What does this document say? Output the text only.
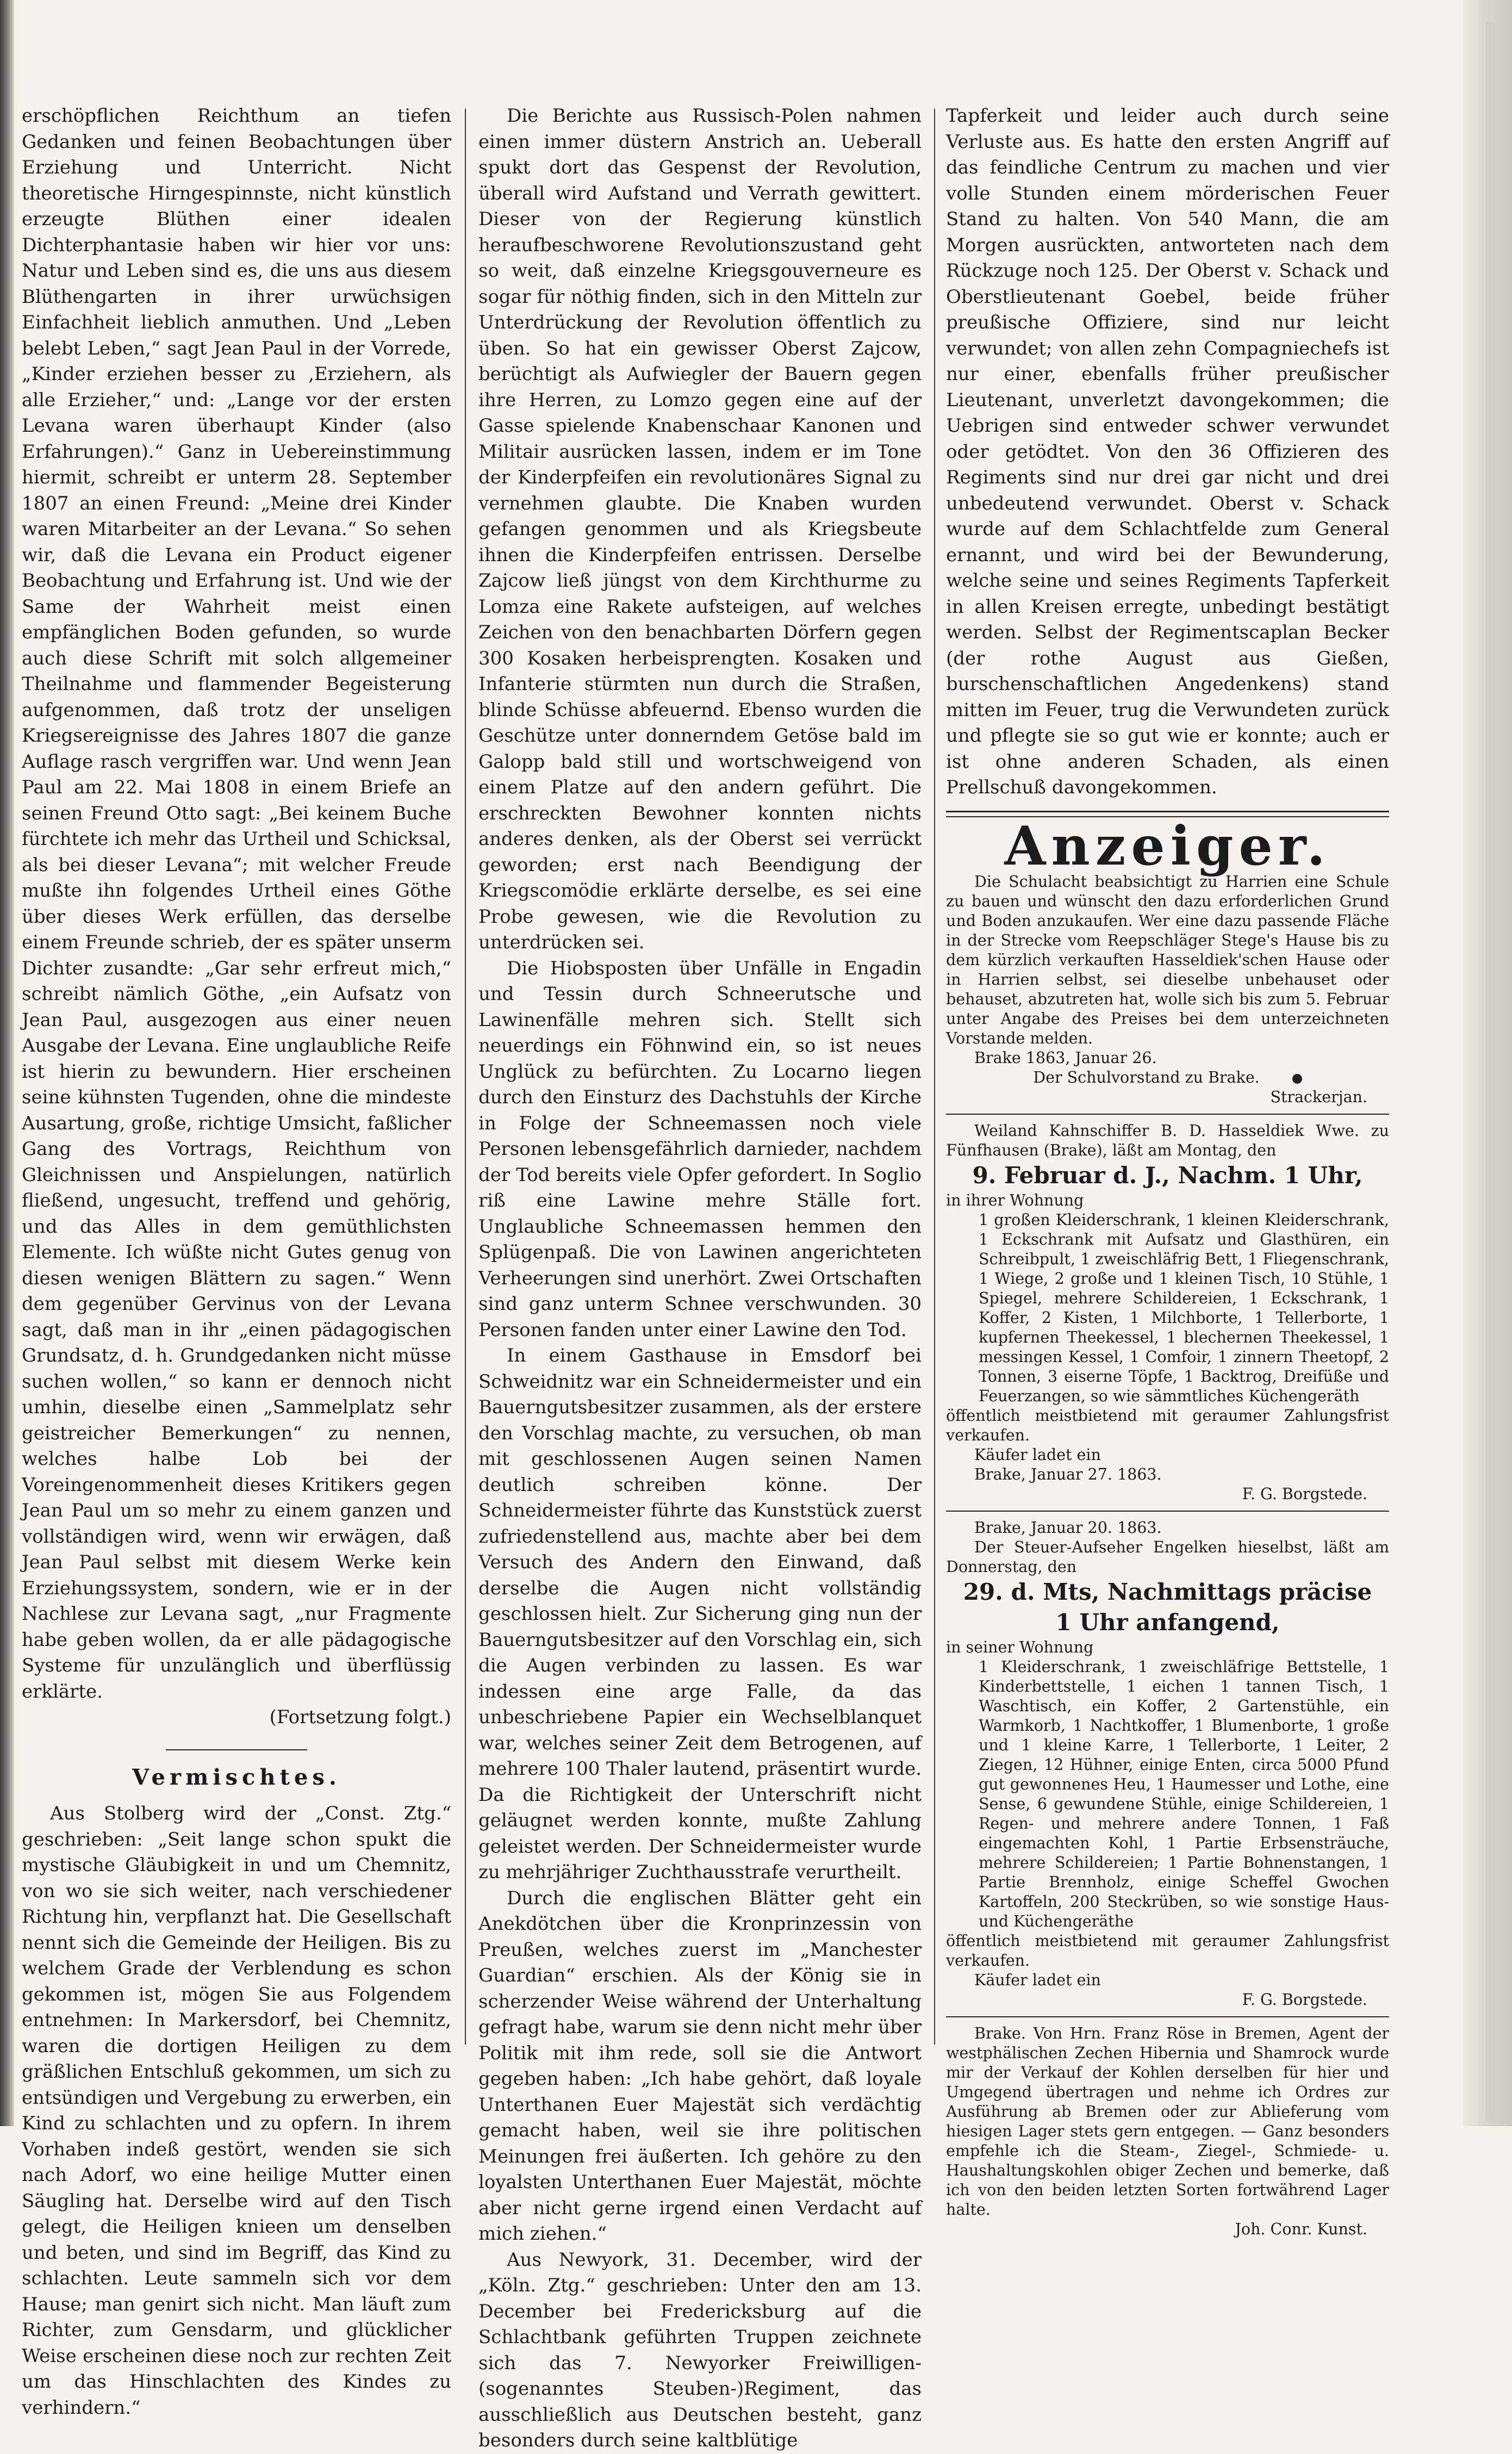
erschöpflichen Reichthum an tiefen Gedanken und feinen Beobachtungen über Erziehung und Unterricht. Nicht theoretische Hirngespinnste, nicht künstlich erzeugte Blüthen einer idealen Dichterphantasie haben wir hier vor uns: Natur und Leben sind es, die uns aus diesem Blüthengarten in ihrer urwüchsigen Einfachheit lieblich anmuthen. Und „Leben belebt Leben,“ sagt Jean Paul in der Vorrede, „Kinder erziehen besser zu ‚Erziehern, als alle Erzieher,“ und: „Lange vor der ersten Levana waren überhaupt Kinder (also Erfahrungen).“ Ganz in Uebereinstimmung hiermit, schreibt er unterm 28. September 1807 an einen Freund: „Meine drei Kinder waren Mitarbeiter an der Levana.“ So sehen wir, daß die Levana ein Product eigener Beobachtung und Erfahrung ist. Und wie der Same der Wahrheit meist einen empfänglichen Boden gefunden, so wurde auch diese Schrift mit solch allgemeiner Theilnahme und flammender Begeisterung aufgenommen, daß trotz der unseligen Kriegsereignisse des Jahres 1807 die ganze Auflage rasch vergriffen war. Und wenn Jean Paul am 22. Mai 1808 in einem Briefe an seinen Freund Otto sagt: „Bei keinem Buche fürchtete ich mehr das Urtheil und Schicksal, als bei dieser Levana“; mit welcher Freude mußte ihn folgendes Urtheil eines Göthe über dieses Werk erfüllen, das derselbe einem Freunde schrieb, der es später unserm Dichter zusandte: „Gar sehr erfreut mich,“ schreibt nämlich Göthe, „ein Aufsatz von Jean Paul, ausgezogen aus einer neuen Ausgabe der Levana. Eine unglaubliche Reife ist hierin zu bewundern. Hier erscheinen seine kühnsten Tugenden, ohne die mindeste Ausartung, große, richtige Umsicht, faßlicher Gang des Vortrags, Reichthum von Gleichnissen und Anspielungen, natürlich fließend, ungesucht, treffend und gehörig, und das Alles in dem gemüthlichsten Elemente. Ich wüßte nicht Gutes genug von diesen wenigen Blättern zu sagen.“ Wenn dem gegenüber Gervinus von der Levana sagt, daß man in ihr „einen pädagogischen Grundsatz, d. h. Grundgedanken nicht müsse suchen wollen,“ so kann er dennoch nicht umhin, dieselbe einen „Sammelplatz sehr geistreicher Bemerkungen“ zu nennen, welches halbe Lob bei der Voreingenommenheit dieses Kritikers gegen Jean Paul um so mehr zu einem ganzen und vollständigen wird, wenn wir erwägen, daß Jean Paul selbst mit diesem Werke kein Erziehungssystem, sondern, wie er in der Nachlese zur Levana sagt, „nur Fragmente habe geben wollen, da er alle pädagogische Systeme für unzulänglich und überflüssig erklärte.

(Fortsetzung folgt.)

Vermischtes.

Aus Stolberg wird der „Const. Ztg.“ geschrieben: „Seit lange schon spukt die mystische Gläubigkeit in und um Chemnitz, von wo sie sich weiter, nach verschiedener Richtung hin, verpflanzt hat. Die Gesellschaft nennt sich die Gemeinde der Heiligen. Bis zu welchem Grade der Verblendung es schon gekommen ist, mögen Sie aus Folgendem entnehmen: In Markersdorf, bei Chemnitz, waren die dortigen Heiligen zu dem gräßlichen Entschluß gekommen, um sich zu entsündigen und Vergebung zu erwerben, ein Kind zu schlachten und zu opfern. In ihrem Vorhaben indeß gestört, wenden sie sich nach Adorf, wo eine heilige Mutter einen Säugling hat. Derselbe wird auf den Tisch gelegt, die Heiligen knieen um denselben und beten, und sind im Begriff, das Kind zu schlachten. Leute sammeln sich vor dem Hause; man genirt sich nicht. Man läuft zum Richter, zum Gensdarm, und glücklicher Weise erscheinen diese noch zur rechten Zeit um das Hinschlachten des Kindes zu verhindern.“

Die Berichte aus Russisch-Polen nahmen einen immer düstern Anstrich an. Ueberall spukt dort das Gespenst der Revolution, überall wird Aufstand und Verrath gewittert. Dieser von der Regierung künstlich heraufbeschworene Revolutionszustand geht so weit, daß einzelne Kriegsgouverneure es sogar für nöthig finden, sich in den Mitteln zur Unterdrückung der Revolution öffentlich zu üben. So hat ein gewisser Oberst Zajcow, berüchtigt als Aufwiegler der Bauern gegen ihre Herren, zu Lomzo gegen eine auf der Gasse spielende Knabenschaar Kanonen und Militair ausrücken lassen, indem er im Tone der Kinderpfeifen ein revolutionäres Signal zu vernehmen glaubte. Die Knaben wurden gefangen genommen und als Kriegsbeute ihnen die Kinderpfeifen entrissen. Derselbe Zajcow ließ jüngst von dem Kirchthurme zu Lomza eine Rakete aufsteigen, auf welches Zeichen von den benachbarten Dörfern gegen 300 Kosaken herbeisprengten. Kosaken und Infanterie stürmten nun durch die Straßen, blinde Schüsse abfeuernd. Ebenso wurden die Geschütze unter donnerndem Getöse bald im Galopp bald still und wortschweigend von einem Platze auf den andern geführt. Die erschreckten Bewohner konnten nichts anderes denken, als der Oberst sei verrückt geworden; erst nach Beendigung der Kriegscomödie erklärte derselbe, es sei eine Probe gewesen, wie die Revolution zu unterdrücken sei.

Die Hiobsposten über Unfälle in Engadin und Tessin durch Schneerutsche und Lawinenfälle mehren sich. Stellt sich neuerdings ein Föhnwind ein, so ist neues Unglück zu befürchten. Zu Locarno liegen durch den Einsturz des Dachstuhls der Kirche in Folge der Schneemassen noch viele Personen lebensgefährlich darnieder, nachdem der Tod bereits viele Opfer gefordert. In Soglio riß eine Lawine mehre Ställe fort. Unglaubliche Schneemassen hemmen den Splügenpaß. Die von Lawinen angerichteten Verheerungen sind unerhört. Zwei Ortschaften sind ganz unterm Schnee verschwunden. 30 Personen fanden unter einer Lawine den Tod.

In einem Gasthause in Emsdorf bei Schweidnitz war ein Schneidermeister und ein Bauerngutsbesitzer zusammen, als der erstere den Vorschlag machte, zu versuchen, ob man mit geschlossenen Augen seinen Namen deutlich schreiben könne. Der Schneidermeister führte das Kunststück zuerst zufriedenstellend aus, machte aber bei dem Versuch des Andern den Einwand, daß derselbe die Augen nicht vollständig geschlossen hielt. Zur Sicherung ging nun der Bauerngutsbesitzer auf den Vorschlag ein, sich die Augen verbinden zu lassen. Es war indessen eine arge Falle, da das unbeschriebene Papier ein Wechselblanquet war, welches seiner Zeit dem Betrogenen, auf mehrere 100 Thaler lautend, präsentirt wurde. Da die Richtigkeit der Unterschrift nicht geläugnet werden konnte, mußte Zahlung geleistet werden. Der Schneidermeister wurde zu mehrjähriger Zuchthausstrafe verurtheilt.

Durch die englischen Blätter geht ein Anekdötchen über die Kronprinzessin von Preußen, welches zuerst im „Manchester Guardian“ erschien. Als der König sie in scherzender Weise während der Unterhaltung gefragt habe, warum sie denn nicht mehr über Politik mit ihm rede, soll sie die Antwort gegeben haben: „Ich habe gehört, daß loyale Unterthanen Euer Majestät sich verdächtig gemacht haben, weil sie ihre politischen Meinungen frei äußerten. Ich gehöre zu den loyalsten Unterthanen Euer Majestät, möchte aber nicht gerne irgend einen Verdacht auf mich ziehen.“

Aus Newyork, 31. December, wird der „Köln. Ztg.“ geschrieben: Unter den am 13. December bei Fredericksburg auf die Schlachtbank geführten Truppen zeichnete sich das 7. Newyorker Freiwilligen-(sogenanntes Steuben-)Regiment, das ausschließlich aus Deutschen besteht, ganz besonders durch seine kaltblütige

Tapferkeit und leider auch durch seine Verluste aus. Es hatte den ersten Angriff auf das feindliche Centrum zu machen und vier volle Stunden einem mörderischen Feuer Stand zu halten. Von 540 Mann, die am Morgen ausrückten, antworteten nach dem Rückzuge noch 125. Der Oberst v. Schack und Oberstlieutenant Goebel, beide früher preußische Offiziere, sind nur leicht verwundet; von allen zehn Compagniechefs ist nur einer, ebenfalls früher preußischer Lieutenant, unverletzt davongekommen; die Uebrigen sind entweder schwer verwundet oder getödtet. Von den 36 Offizieren des Regiments sind nur drei gar nicht und drei unbedeutend verwundet. Oberst v. Schack wurde auf dem Schlachtfelde zum General ernannt, und wird bei der Bewunderung, welche seine und seines Regiments Tapferkeit in allen Kreisen erregte, unbedingt bestätigt werden. Selbst der Regimentscaplan Becker (der rothe August aus Gießen, burschenschaftlichen Angedenkens) stand mitten im Feuer, trug die Verwundeten zurück und pflegte sie so gut wie er konnte; auch er ist ohne anderen Schaden, als einen Prellschuß davongekommen.

Anzeiger.

Die Schulacht beabsichtigt zu Harrien eine Schule zu bauen und wünscht den dazu erforderlichen Grund und Boden anzukaufen. Wer eine dazu passende Fläche in der Strecke vom Reepschläger Stege's Hause bis zu dem kürzlich verkauften Hasseldiek'schen Hause oder in Harrien selbst, sei dieselbe unbehauset oder behauset, abzutreten hat, wolle sich bis zum 5. Februar unter Angabe des Preises bei dem unterzeichneten Vorstande melden.

Brake 1863, Januar 26.

Der Schulvorstand zu Brake.

Strackerjan.

Weiland Kahnschiffer B. D. Hasseldiek Wwe. zu Fünfhausen (Brake), läßt am Montag, den

9. Februar d. J., Nachm. 1 Uhr,

in ihrer Wohnung

1 großen Kleiderschrank, 1 kleinen Kleiderschrank, 1 Eckschrank mit Aufsatz und Glasthüren, ein Schreibpult, 1 zweischläfrig Bett, 1 Fliegenschrank, 1 Wiege, 2 große und 1 kleinen Tisch, 10 Stühle, 1 Spiegel, mehrere Schildereien, 1 Eckschrank, 1 Koffer, 2 Kisten, 1 Milchborte, 1 Tellerborte, 1 kupfernen Theekessel, 1 blechernen Theekessel, 1 messingen Kessel, 1 Comfoir, 1 zinnern Theetopf, 2 Tonnen, 3 eiserne Töpfe, 1 Backtrog, Dreifüße und Feuerzangen, so wie sämmtliches Küchengeräth

öffentlich meistbietend mit geraumer Zahlungsfrist verkaufen.

Käufer ladet ein

Brake, Januar 27. 1863.

F. G. Borgstede.

Brake, Januar 20. 1863.

Der Steuer-Aufseher Engelken hieselbst, läßt am Donnerstag, den

29. d. Mts, Nachmittags präcise

1 Uhr anfangend,

in seiner Wohnung

1 Kleiderschrank, 1 zweischläfrige Bettstelle, 1 Kinderbettstelle, 1 eichen 1 tannen Tisch, 1 Waschtisch, ein Koffer, 2 Gartenstühle, ein Warmkorb, 1 Nachtkoffer, 1 Blumenborte, 1 große und 1 kleine Karre, 1 Tellerborte, 1 Leiter, 2 Ziegen, 12 Hühner, einige Enten, circa 5000 Pfund gut gewonnenes Heu, 1 Haumesser und Lothe, eine Sense, 6 gewundene Stühle, einige Schildereien, 1 Regen- und mehrere andere Tonnen, 1 Faß eingemachten Kohl, 1 Partie Erbsensträuche, mehrere Schildereien; 1 Partie Bohnenstangen, 1 Partie Brennholz, einige Scheffel Gwochen Kartoffeln, 200 Steckrüben, so wie sonstige Haus- und Küchengeräthe

öffentlich meistbietend mit geraumer Zahlungsfrist verkaufen.

Käufer ladet ein

F. G. Borgstede.

Brake. Von Hrn. Franz Röse in Bremen, Agent der westphälischen Zechen Hibernia und Shamrock wurde mir der Verkauf der Kohlen derselben für hier und Umgegend übertragen und nehme ich Ordres zur Ausführung ab Bremen oder zur Ablieferung vom hiesigen Lager stets gern entgegen. — Ganz besonders empfehle ich die Steam-, Ziegel-, Schmiede- u. Haushaltungskohlen obiger Zechen und bemerke, daß ich von den beiden letzten Sorten fortwährend Lager halte.

Joh. Conr. Kunst.
